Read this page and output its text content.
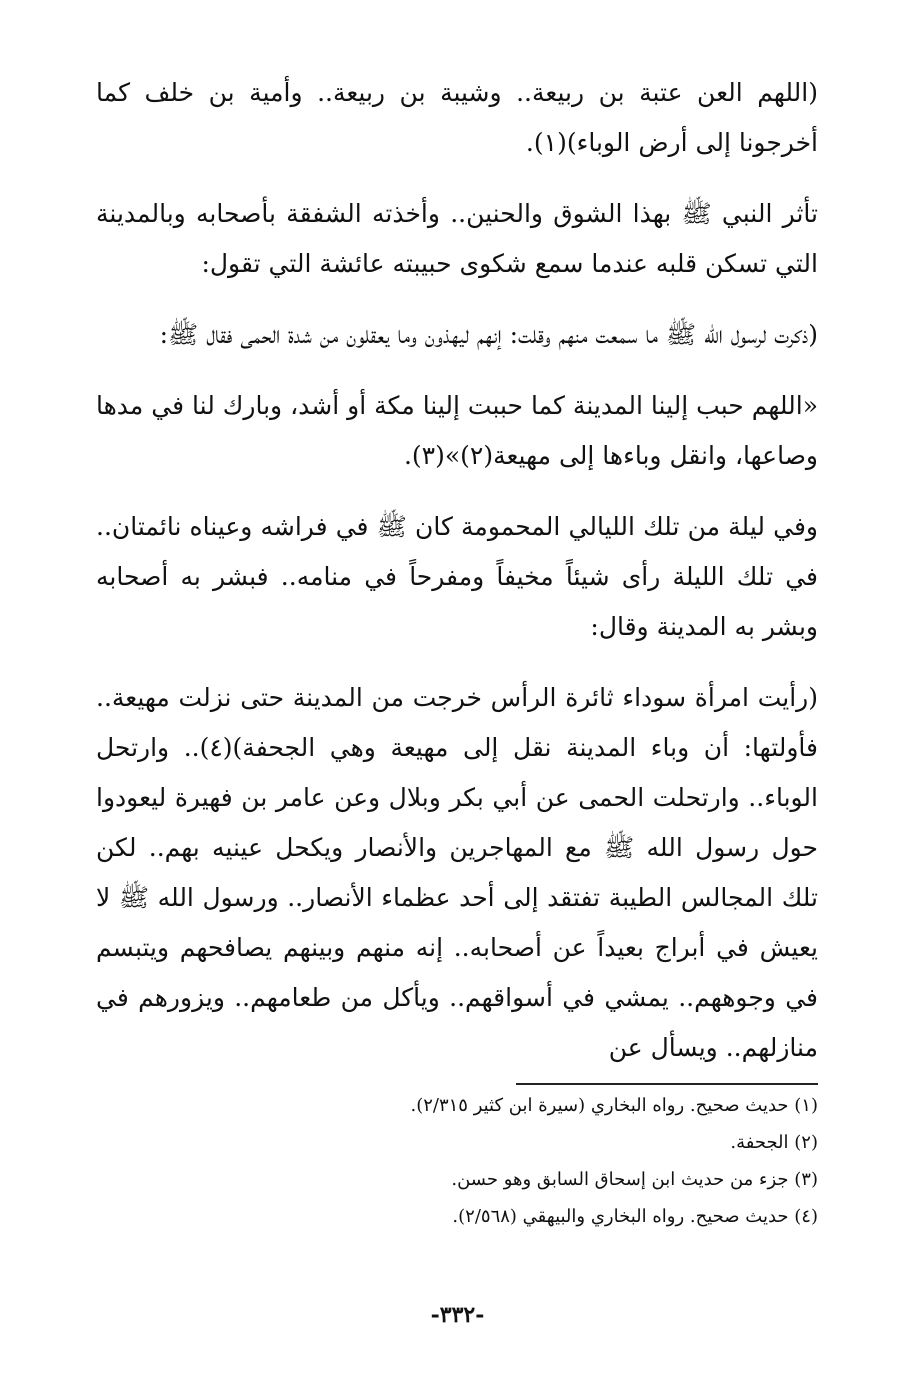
(اللهم العن عتبة بن ربيعة.. وشيبة بن ربيعة.. وأمية بن خلف كما أخرجونا إلى أرض الوباء)(١).

تأثر النبي ﷺ بهذا الشوق والحنين.. وأخذته الشفقة بأصحابه وبالمدينة التي تسكن قلبه عندما سمع شكوى حبيبته عائشة التي تقول:

(ذكرت لرسول الله ﷺ ما سمعت منهم وقلت: إنهم ليهذون وما يعقلون من شدة الحمى فقال ﷺ:

«اللهم حبب إلينا المدينة كما حببت إلينا مكة أو أشد، وبارك لنا في مدها وصاعها، وانقل وباءها إلى مهيعة(٢)»(٣).

وفي ليلة من تلك الليالي المحمومة كان ﷺ في فراشه وعيناه نائمتان.. في تلك الليلة رأى شيئاً مخيفاً ومفرحاً في منامه.. فبشر به أصحابه وبشر به المدينة وقال:

(رأيت امرأة سوداء ثائرة الرأس خرجت من المدينة حتى نزلت مهيعة.. فأولتها: أن وباء المدينة نقل إلى مهيعة وهي الجحفة)(٤).. وارتحل الوباء.. وارتحلت الحمى عن أبي بكر وبلال وعن عامر بن فهيرة ليعودوا حول رسول الله ﷺ مع المهاجرين والأنصار ويكحل عينيه بهم.. لكن تلك المجالس الطيبة تفتقد إلى أحد عظماء الأنصار.. ورسول الله ﷺ لا يعيش في أبراج بعيداً عن أصحابه.. إنه منهم وبينهم يصافحهم ويتبسم في وجوههم.. يمشي في أسواقهم.. ويأكل من طعامهم.. ويزورهم في منازلهم.. ويسأل عن

(١) حديث صحيح. رواه البخاري (سيرة ابن كثير ٢/٣١٥).

(٢) الجحفة.

(٣) جزء من حديث ابن إسحاق السابق وهو حسن.

(٤) حديث صحيح. رواه البخاري والبيهقي (٢/٥٦٨).

-٣٣٢-
